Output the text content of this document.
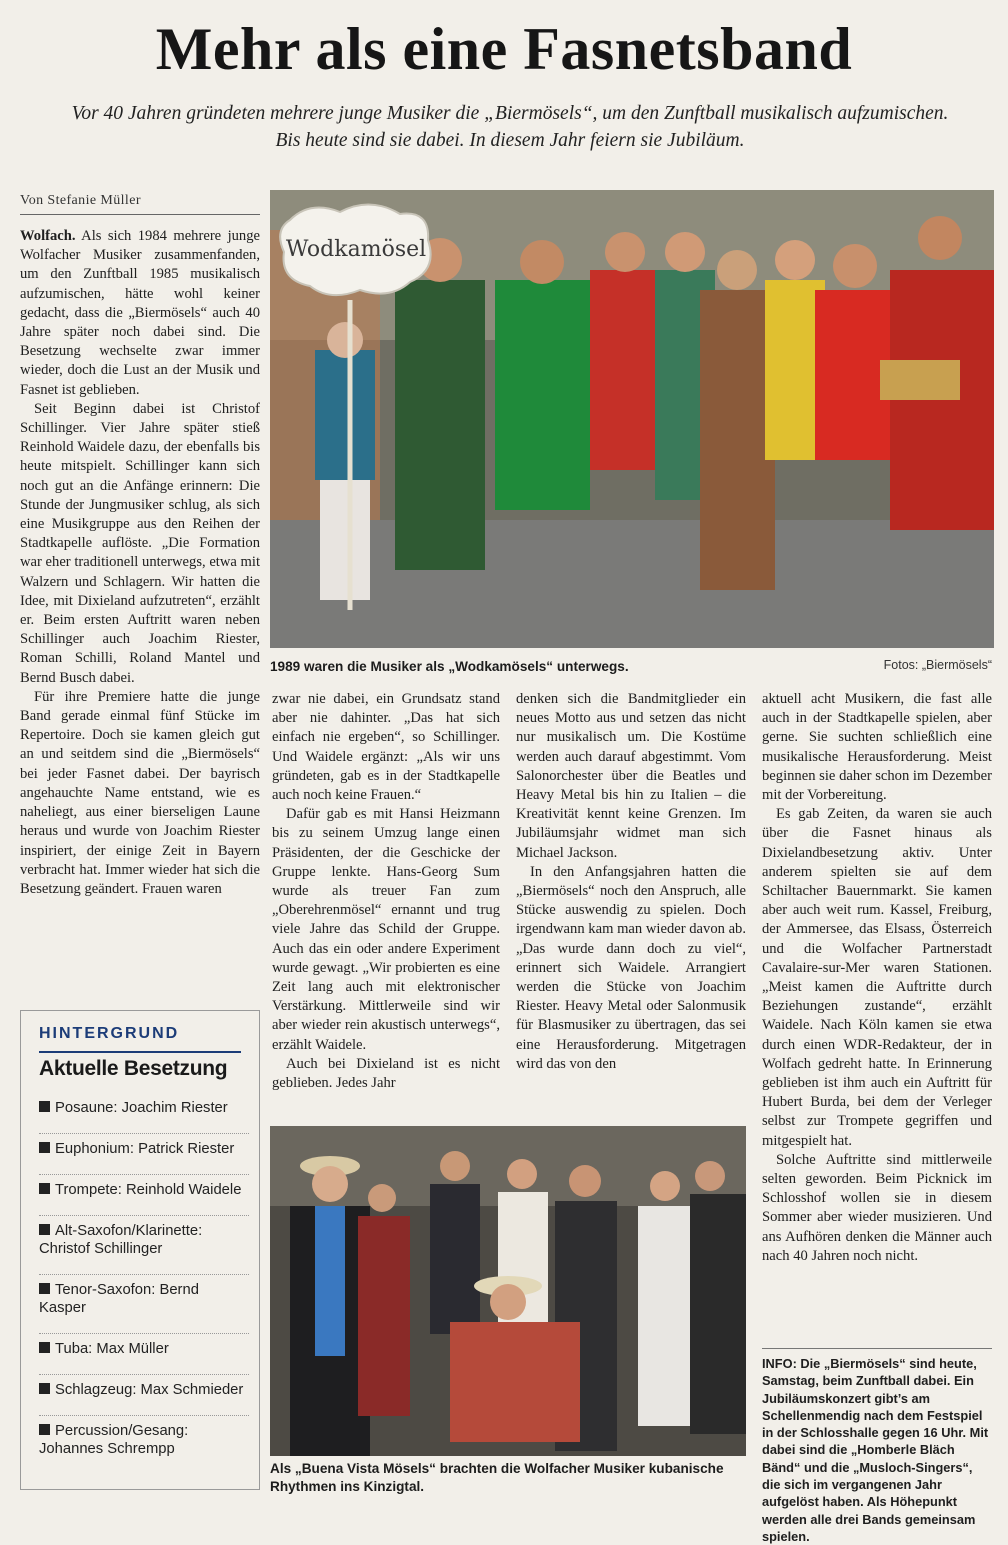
Mehr als eine Fasnetsband
Vor 40 Jahren gründeten mehrere junge Musiker die „Biermösels“, um den Zunftball musikalisch aufzumischen. Bis heute sind sie dabei. In diesem Jahr feiern sie Jubiläum.
Von Stefanie Müller

Wolfach. Als sich 1984 mehrere junge Wolfacher Musiker zusammenfanden, um den Zunftball 1985 musikalisch aufzumischen, hätte wohl keiner gedacht, dass die „Biermösels“ auch 40 Jahre später noch dabei sind. Die Besetzung wechselte zwar immer wieder, doch die Lust an der Musik und Fasnet ist geblieben.

Seit Beginn dabei ist Christof Schillinger. Vier Jahre später stieß Reinhold Waidele dazu, der ebenfalls bis heute mitspielt. Schillinger kann sich noch gut an die Anfänge erinnern: Die Stunde der Jungmusiker schlug, als sich eine Musikgruppe aus den Reihen der Stadtkapelle auflöste. „Die Formation war eher traditionell unterwegs, etwa mit Walzern und Schlagern. Wir hatten die Idee, mit Dixieland aufzutreten“, erzählt er. Beim ersten Auftritt waren neben Schillinger auch Joachim Riester, Roman Schilli, Roland Mantel und Bernd Busch dabei.

Für ihre Premiere hatte die junge Band gerade einmal fünf Stücke im Repertoire. Doch sie kamen gleich gut an und seitdem sind die „Biermösels“ bei jeder Fasnet dabei. Der bayrisch angehauchte Name entstand, wie es naheliegt, aus einer bierseligen Laune heraus und wurde von Joachim Riester inspiriert, der einige Zeit in Bayern verbracht hat. Immer wieder hat sich die Besetzung geändert. Frauen waren

Wodkamösel
1989 waren die Musiker als „Wodkamösels“ unterwegs.	Fotos: „Biermösels“

zwar nie dabei, ein Grundsatz stand aber nie dahinter. „Das hat sich einfach nie ergeben“, so Schillinger. Und Waidele ergänzt: „Als wir uns gründeten, gab es in der Stadtkapelle auch noch keine Frauen.“

Dafür gab es mit Hansi Heizmann bis zu seinem Umzug lange einen Präsidenten, der die Geschicke der Gruppe lenkte. Hans-Georg Sum wurde als treuer Fan zum „Oberehrenmösel“ ernannt und trug viele Jahre das Schild der Gruppe. Auch das ein oder andere Experiment wurde gewagt. „Wir probierten es eine Zeit lang auch mit elektronischer Verstärkung. Mittlerweile sind wir aber wieder rein akustisch unterwegs“, erzählt Waidele.

Auch bei Dixieland ist es nicht geblieben. Jedes Jahr

denken sich die Bandmitglieder ein neues Motto aus und setzen das nicht nur musikalisch um. Die Kostüme werden auch darauf abgestimmt. Vom Salonorchester über die Beatles und Heavy Metal bis hin zu Italien – die Kreativität kennt keine Grenzen. Im Jubiläumsjahr widmet man sich Michael Jackson.

In den Anfangsjahren hatten die „Biermösels“ noch den Anspruch, alle Stücke auswendig zu spielen. Doch irgendwann kam man wieder davon ab. „Das wurde dann doch zu viel“, erinnert sich Waidele. Arrangiert werden die Stücke von Joachim Riester. Heavy Metal oder Salonmusik für Blasmusiker zu übertragen, das sei eine Herausforderung. Mitgetragen wird das von den

aktuell acht Musikern, die fast alle auch in der Stadtkapelle spielen, aber gerne. Sie suchten schließlich eine musikalische Herausforderung. Meist beginnen sie daher schon im Dezember mit der Vorbereitung.

Es gab Zeiten, da waren sie auch über die Fasnet hinaus als Dixielandbesetzung aktiv. Unter anderem spielten sie auf dem Schiltacher Bauernmarkt. Sie kamen aber auch weit rum. Kassel, Freiburg, der Ammersee, das Elsass, Österreich und die Wolfacher Partnerstadt Cavalaire-sur-Mer waren Stationen. „Meist kamen die Auftritte durch Beziehungen zustande“, erzählt Waidele. Nach Köln kamen sie etwa durch einen WDR-Redakteur, der in Wolfach gedreht hatte. In Erinnerung geblieben ist ihm auch ein Auftritt für Hubert Burda, bei dem der Verleger selbst zur Trompete gegriffen und mitgespielt hat.

Solche Auftritte sind mittlerweile selten geworden. Beim Picknick im Schlosshof wollen sie in diesem Sommer aber wieder musizieren. Und ans Aufhören denken die Männer auch nach 40 Jahren noch nicht.

Als „Buena Vista Mösels“ brachten die Wolfacher Musiker kubanische Rhythmen ins Kinzigtal.
HINTERGRUND
Aktuelle Besetzung
Posaune: Joachim Riester
Euphonium: Patrick Riester
Trompete: Reinhold Waidele
Alt-Saxofon/Klarinette: Christof Schillinger
Tenor-Saxofon: Bernd Kasper
Tuba: Max Müller
Schlagzeug: Max Schmieder
Percussion/Gesang: Johannes Schrempp
INFO: Die „Biermösels“ sind heute, Samstag, beim Zunftball dabei. Ein Jubiläumskonzert gibt’s am Schellenmendig nach dem Festspiel in der Schlosshalle gegen 16 Uhr. Mit dabei sind die „Homberle Bläch Bänd“ und die „Musloch-Singers“, die sich im vergangenen Jahr aufgelöst haben. Als Höhepunkt werden alle drei Bands gemeinsam spielen.
